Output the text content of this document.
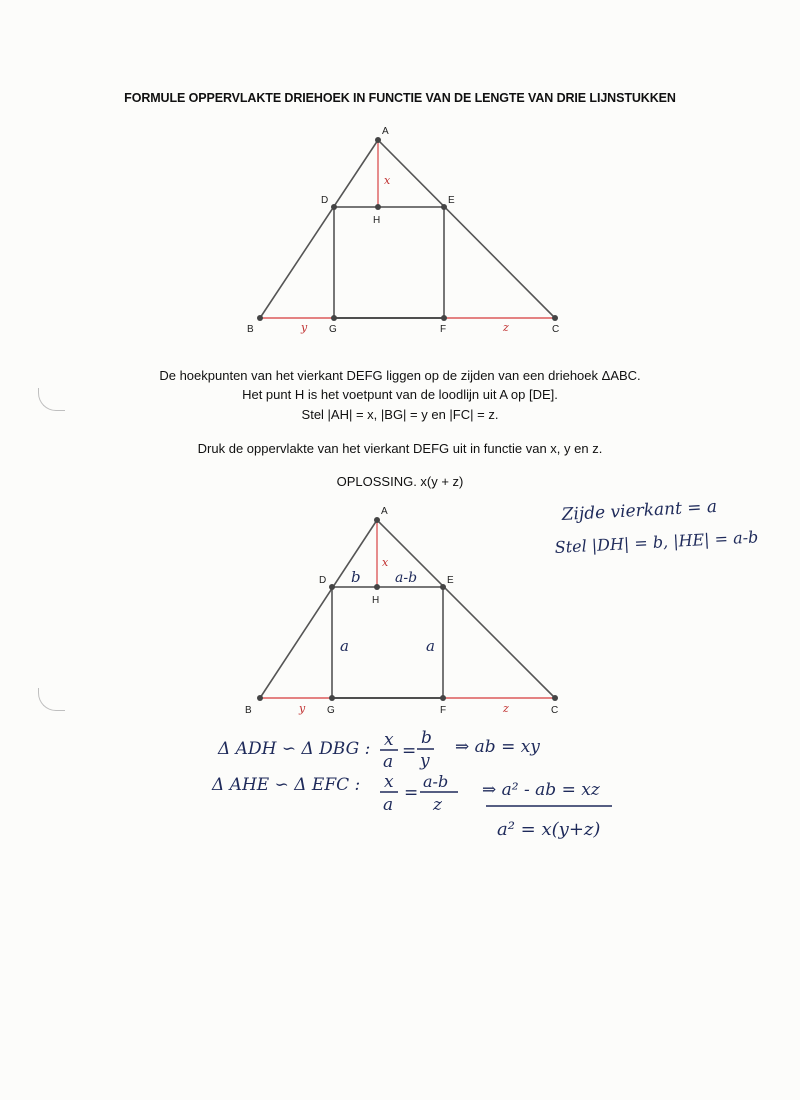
FORMULE OPPERVLAKTE DRIEHOEK IN FUNCTIE VAN DE LENGTE VAN DRIE LIJNSTUKKEN
A
D	E
H
B	G	F	C
x
y	z
De hoekpunten van het vierkant DEFG liggen op de zijden van een driehoek ΔABC.
Het punt H is het voetpunt van de loodlijn uit A op [DE].
Stel |AH| = x, |BG| = y en |FC| = z.
Druk de oppervlakte van het vierkant DEFG uit in functie van x, y en z.
OPLOSSING. x(y + z)
A
D	E
H
B	G	F	C
x
y	z
b a-b
a	a
Zijde vierkant = a
Stel |DH| = b, |HE| = a-b
Δ ADH ∽ Δ DBG : x
a
=
b
y
⇒ ab = xy
Δ AHE ∽ Δ EFC : x
a
=
a-b
z
⇒ a² - ab = xz
a² = x(y+z)
